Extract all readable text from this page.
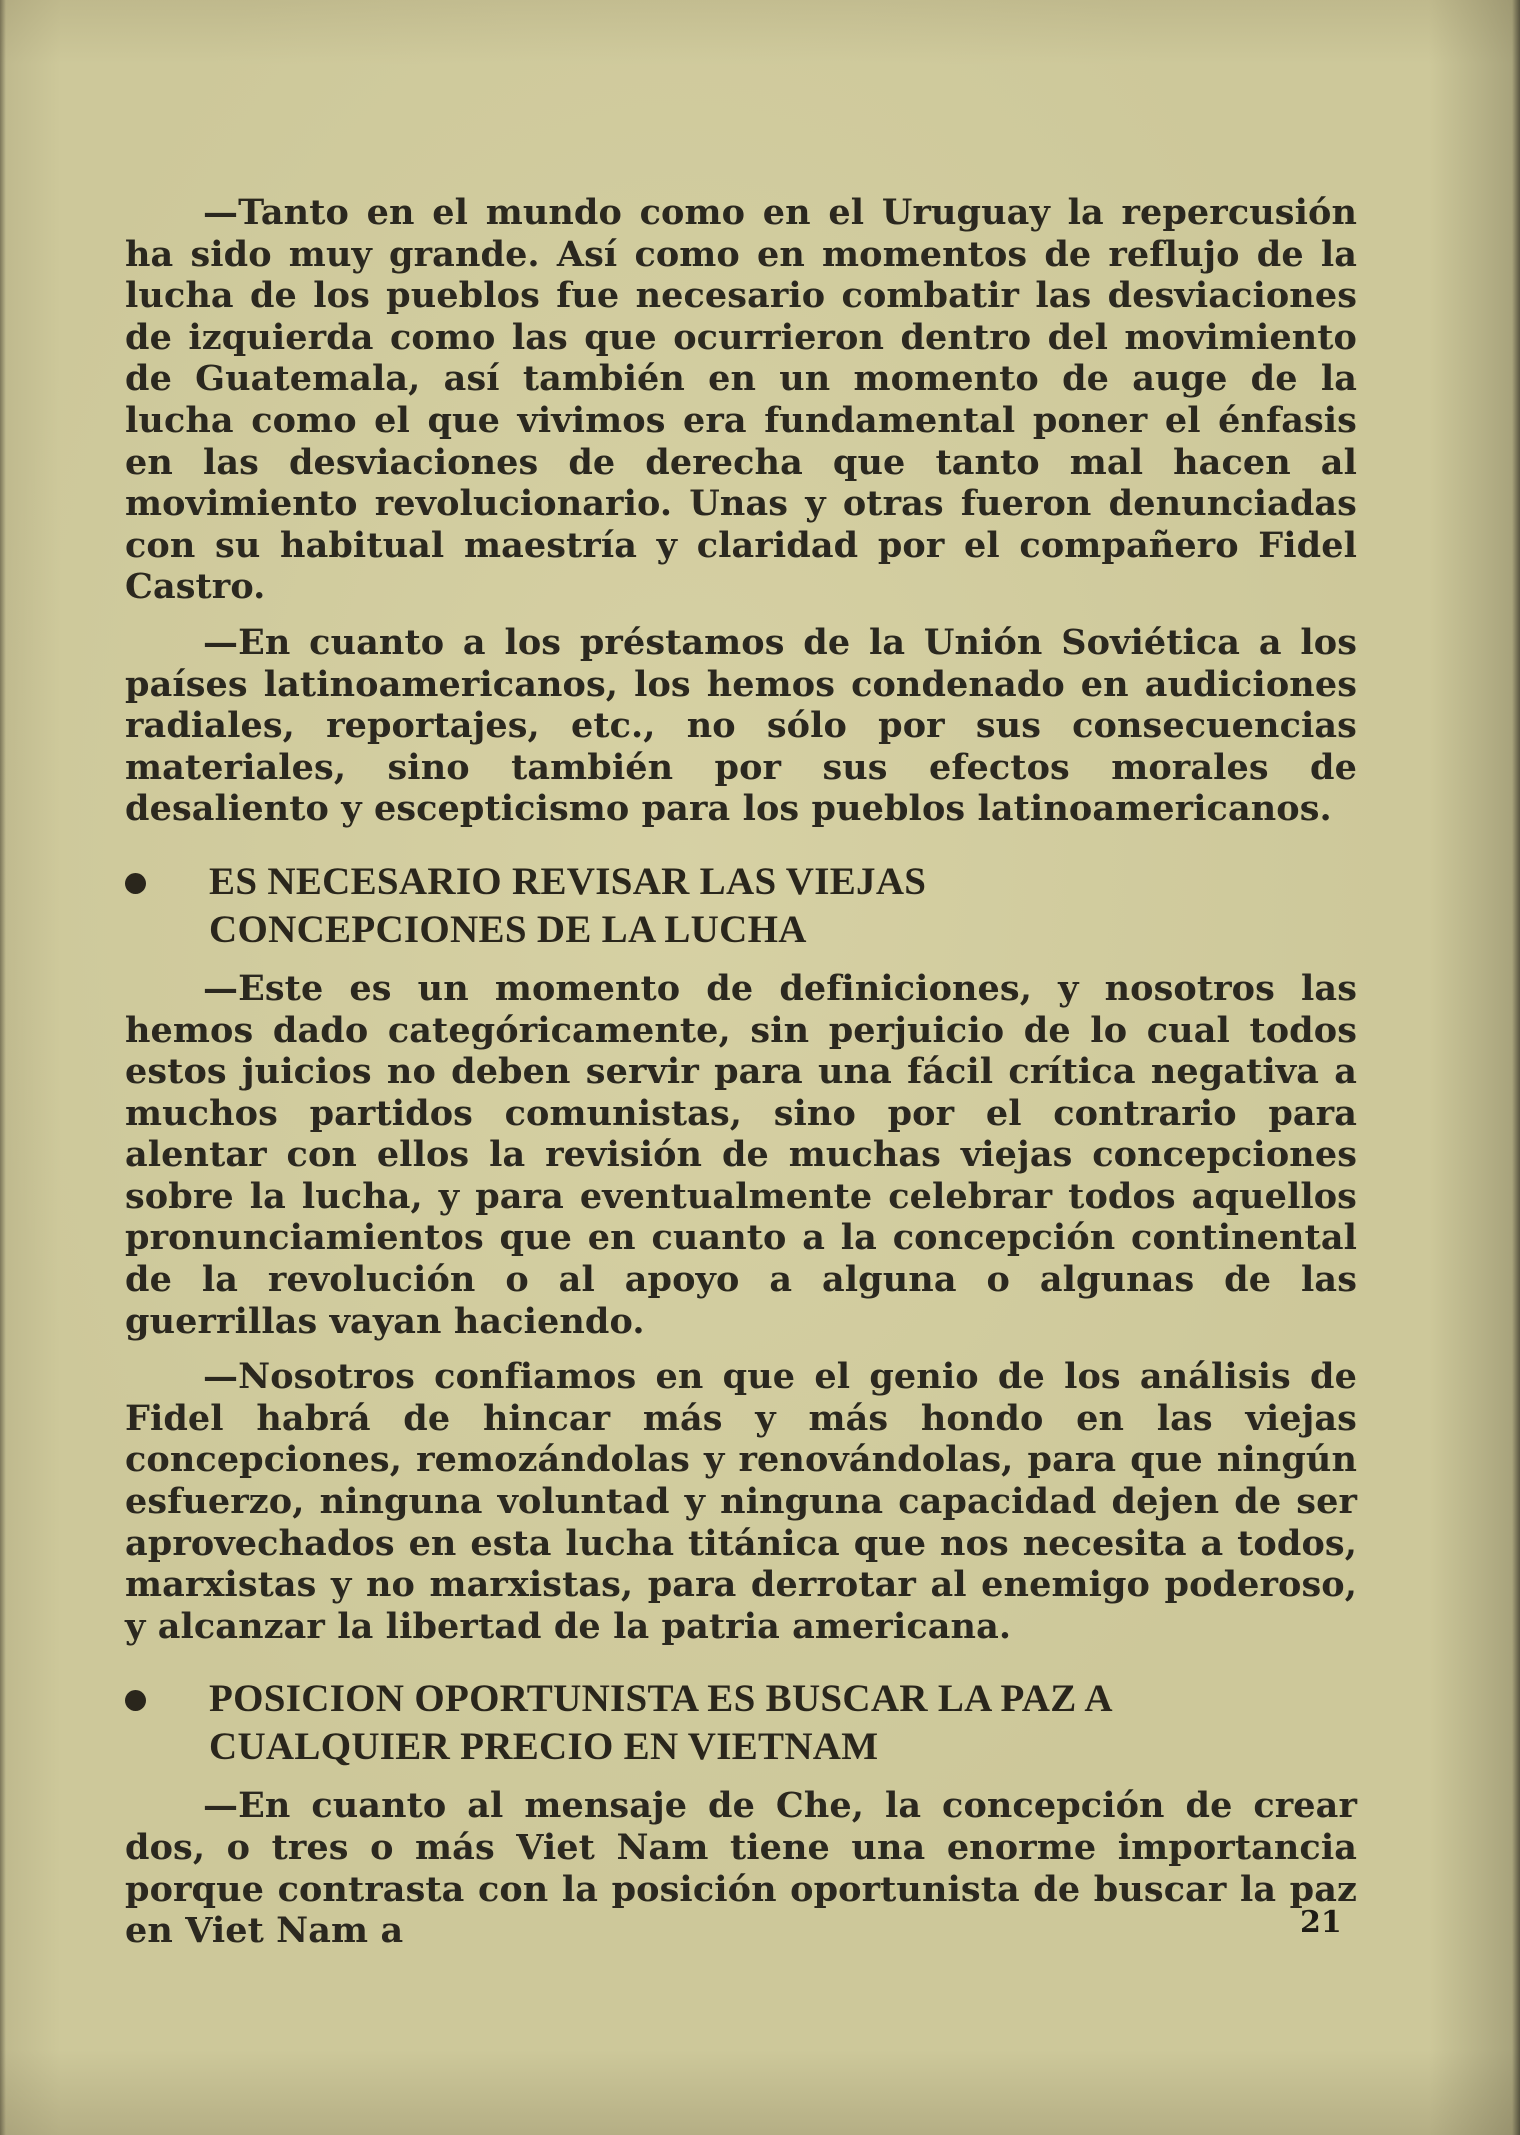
—Tanto en el mundo como en el Uruguay la repercusión ha sido muy grande. Así como en momentos de reflujo de la lucha de los pueblos fue necesario combatir las desviaciones de izquierda como las que ocurrieron dentro del movimiento de Guatemala, así también en un momento de auge de la lucha como el que vivimos era fundamental poner el énfasis en las desviaciones de derecha que tanto mal hacen al movimiento revolucionario. Unas y otras fueron denunciadas con su habitual maestría y claridad por el compañero Fidel Castro.

—En cuanto a los préstamos de la Unión Soviética a los países latinoamericanos, los hemos condenado en audiciones radiales, reportajes, etc., no sólo por sus consecuencias materiales, sino también por sus efectos morales de desaliento y escepticismo para los pueblos latinoamericanos.

ES NECESARIO REVISAR LAS VIEJAS
CONCEPCIONES DE LA LUCHA

—Este es un momento de definiciones, y nosotros las hemos dado categóricamente, sin perjuicio de lo cual todos estos juicios no deben servir para una fácil crítica negativa a muchos partidos comunistas, sino por el contrario para alentar con ellos la revisión de muchas viejas concepciones sobre la lucha, y para eventualmente celebrar todos aquellos pronunciamientos que en cuanto a la concepción continental de la revolución o al apoyo a alguna o algunas de las guerrillas vayan haciendo.

—Nosotros confiamos en que el genio de los análisis de Fidel habrá de hincar más y más hondo en las viejas concepciones, remozándolas y renovándolas, para que ningún esfuerzo, ninguna voluntad y ninguna capacidad dejen de ser aprovechados en esta lucha titánica que nos necesita a todos, marxistas y no marxistas, para derrotar al enemigo poderoso, y alcanzar la libertad de la patria americana.

POSICION OPORTUNISTA ES BUSCAR LA PAZ A
CUALQUIER PRECIO EN VIETNAM

—En cuanto al mensaje de Che, la concepción de crear dos, o tres o más Viet Nam tiene una enorme importancia porque contrasta con la posición oportunista de buscar la paz en Viet Nam a	21
